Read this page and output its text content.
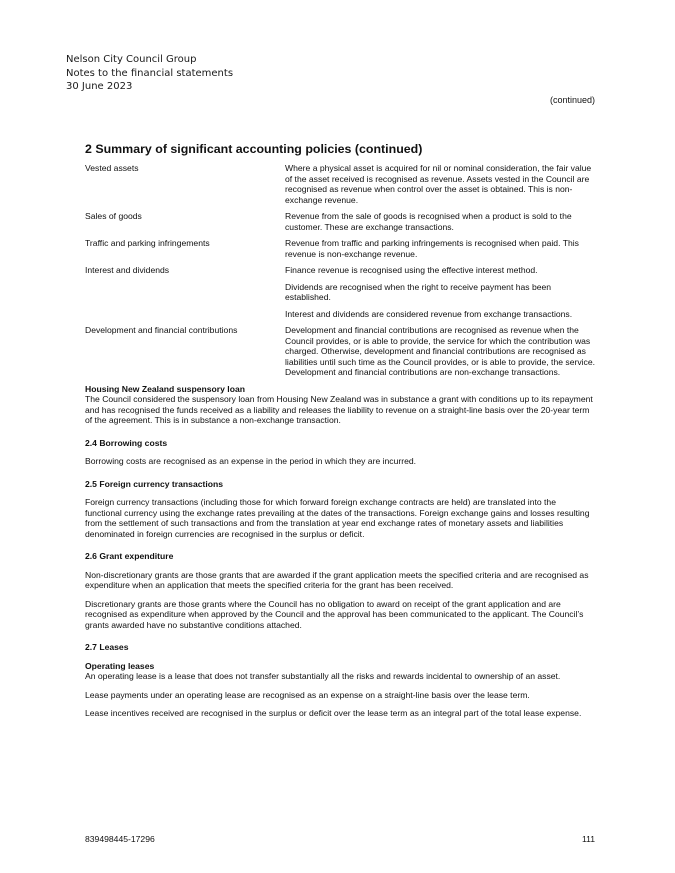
Nelson City Council Group
Notes to the financial statements
30 June 2023
(continued)
2 Summary of significant accounting policies (continued)
Vested assets	Where a physical asset is acquired for nil or nominal consideration, the fair value of the asset received is recognised as revenue. Assets vested in the Council are recognised as revenue when control over the asset is obtained. This is non-exchange revenue.

Sales of goods	Revenue from the sale of goods is recognised when a product is sold to the customer. These are exchange transactions.

Traffic and parking infringements	Revenue from traffic and parking infringements is recognised when paid. This revenue is non-exchange revenue.

Interest and dividends	Finance revenue is recognised using the effective interest method.

Dividends are recognised when the right to receive payment has been established.

Interest and dividends are considered revenue from exchange transactions.

Development and financial contributions	Development and financial contributions are recognised as revenue when the Council provides, or is able to provide, the service for which the contribution was charged. Otherwise, development and financial contributions are recognised as liabilities until such time as the Council provides, or is able to provide, the service. Development and financial contributions are non-exchange transactions.

Housing New Zealand suspensory loan

The Council considered the suspensory loan from Housing New Zealand was in substance a grant with conditions up to its repayment and has recognised the funds received as a liability and releases the liability to revenue on a straight-line basis over the 20-year term of the agreement. This is in substance a non-exchange transaction.

2.4 Borrowing costs

Borrowing costs are recognised as an expense in the period in which they are incurred.

2.5 Foreign currency transactions

Foreign currency transactions (including those for which forward foreign exchange contracts are held) are translated into the functional currency using the exchange rates prevailing at the dates of the transactions. Foreign exchange gains and losses resulting from the settlement of such transactions and from the translation at year end exchange rates of monetary assets and liabilities denominated in foreign currencies are recognised in the surplus or deficit.

2.6 Grant expenditure

Non-discretionary grants are those grants that are awarded if the grant application meets the specified criteria and are recognised as expenditure when an application that meets the specified criteria for the grant has been received.

Discretionary grants are those grants where the Council has no obligation to award on receipt of the grant application and are recognised as expenditure when approved by the Council and the approval has been communicated to the applicant. The Council’s grants awarded have no substantive conditions attached.

2.7 Leases
Operating leases

An operating lease is a lease that does not transfer substantially all the risks and rewards incidental to ownership of an asset.

Lease payments under an operating lease are recognised as an expense on a straight-line basis over the lease term.

Lease incentives received are recognised in the surplus or deficit over the lease term as an integral part of the total lease expense.

839498445-17296	111
